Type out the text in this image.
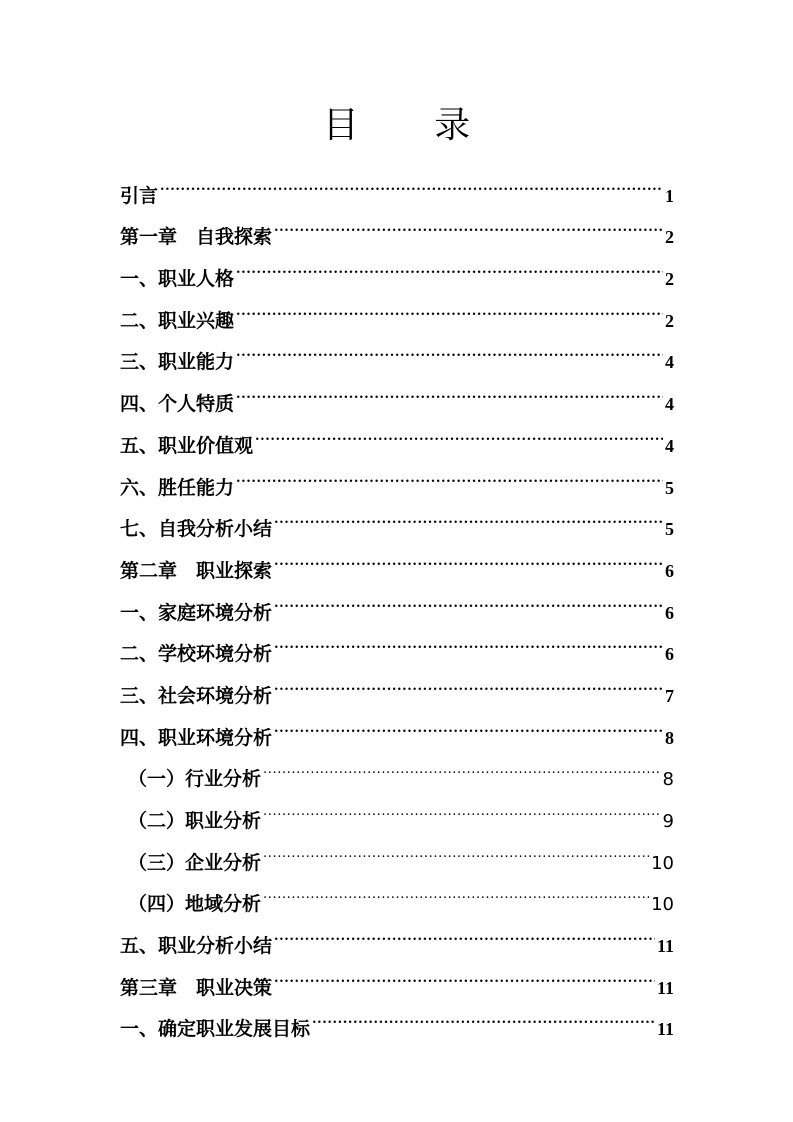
目 录
引言 .....	1
第一章　自我探索 .....	2
一、职业人格 .....	2
二、职业兴趣 .....	2
三、职业能力 .....	4
四、个人特质 .....	4
五、职业价值观 .....	4
六、胜任能力 .....	5
七、自我分析小结 .....	5
第二章　职业探索 .....	6
一、家庭环境分析 .....	6
二、学校环境分析 .....	6
三、社会环境分析 .....	7
四、职业环境分析 .....	8
（一）行业分析 .....	8
（二）职业分析 .....	9
（三）企业分析 .....	10
（四）地域分析 .....	10
五、职业分析小结 .....	11
第三章　职业决策 .....	11
一、确定职业发展目标 .....	11
